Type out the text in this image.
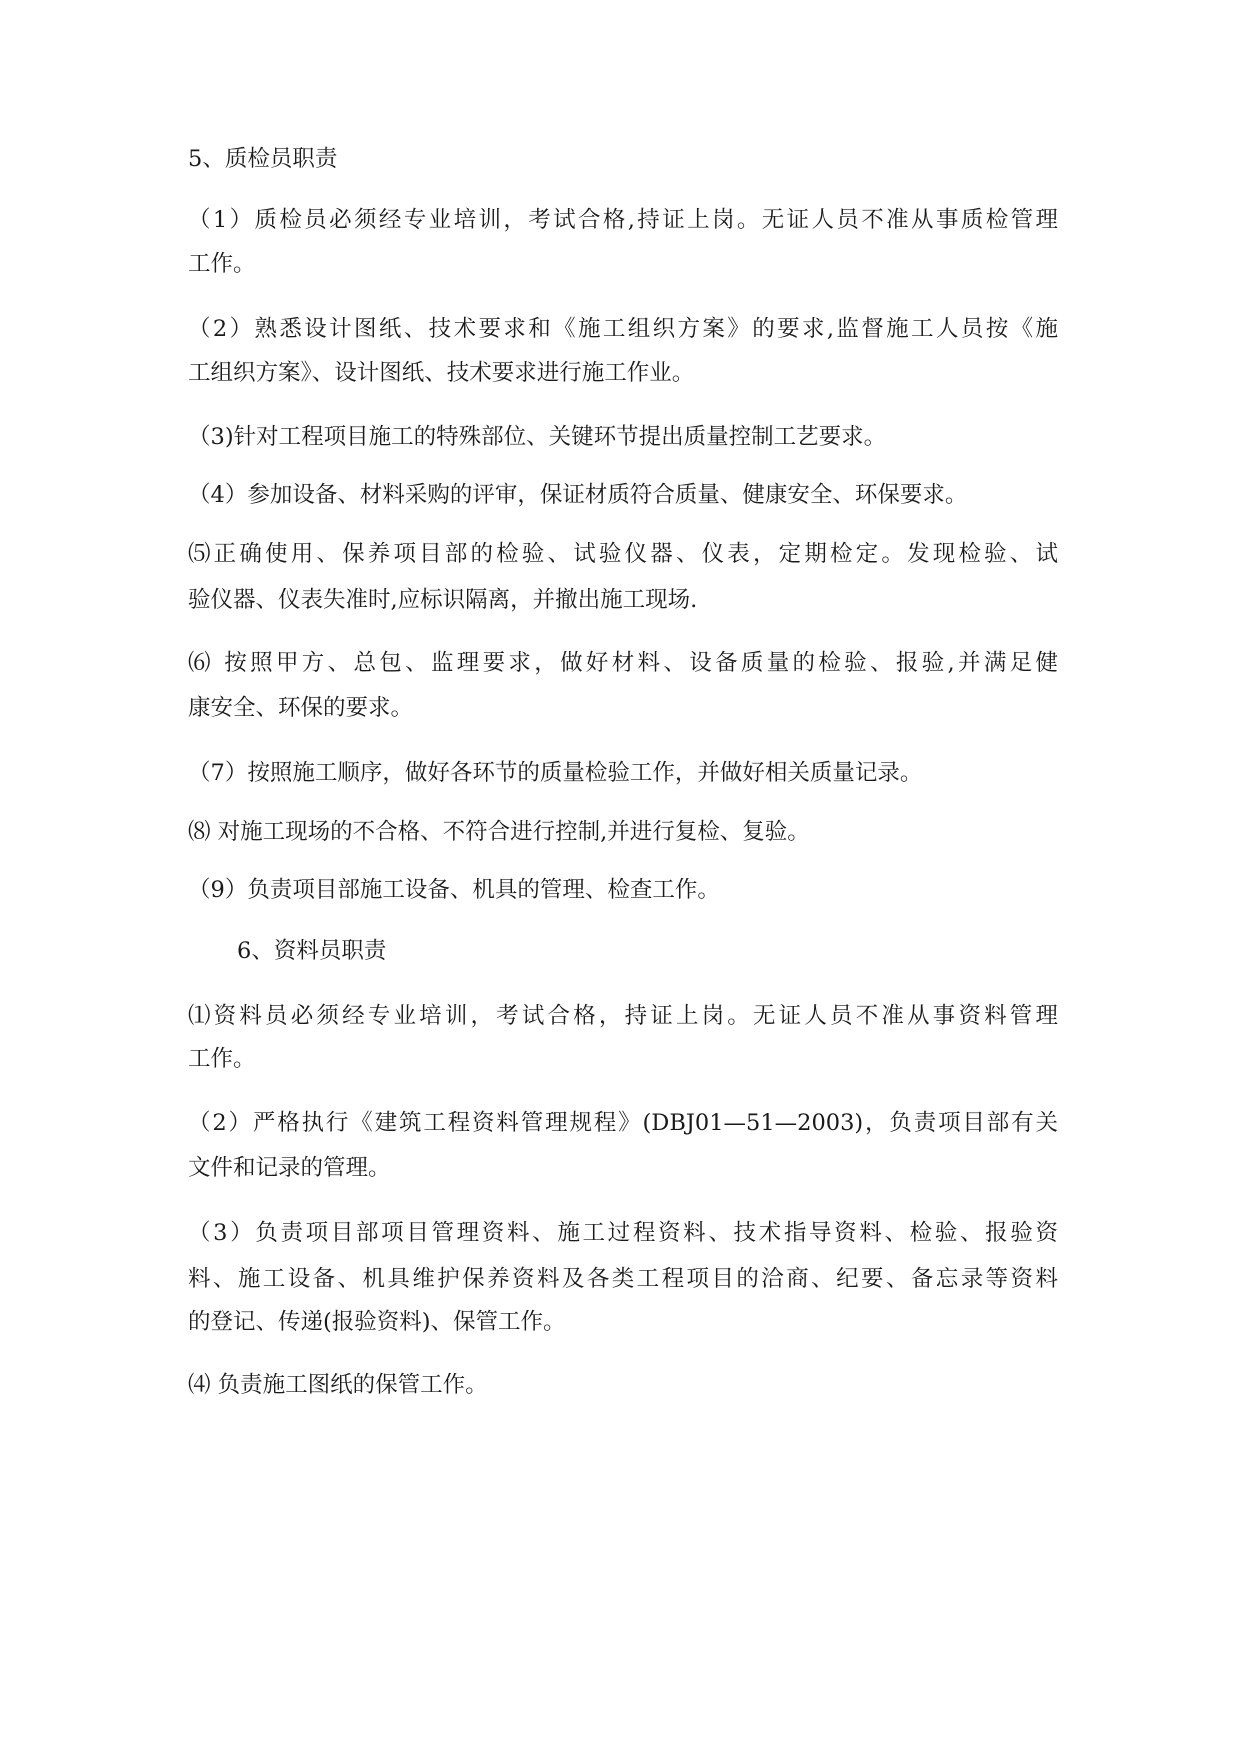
5、质检员职责

（1）质检员必须经专业培训，考试合格,持证上岗。无证人员不准从事质检管理

工作。

（2）熟悉设计图纸、技术要求和《施工组织方案》的要求,监督施工人员按《施

工组织方案》、设计图纸、技术要求进行施工作业。

（3)针对工程项目施工的特殊部位、关键环节提出质量控制工艺要求。

（4）参加设备、材料采购的评审，保证材质符合质量、健康安全、环保要求。

⑸正确使用、保养项目部的检验、试验仪器、仪表，定期检定。发现检验、试

验仪器、仪表失准时,应标识隔离，并撤出施工现场.

⑹ 按照甲方、总包、监理要求，做好材料、设备质量的检验、报验,并满足健

康安全、环保的要求。

（7）按照施工顺序，做好各环节的质量检验工作，并做好相关质量记录。

⑻ 对施工现场的不合格、不符合进行控制,并进行复检、复验。

（9）负责项目部施工设备、机具的管理、检查工作。

6、资料员职责

⑴资料员必须经专业培训，考试合格，持证上岗。无证人员不准从事资料管理

工作。

（2）严格执行《建筑工程资料管理规程》(DBJ01—51—2003)，负责项目部有关

文件和记录的管理。

（3）负责项目部项目管理资料、施工过程资料、技术指导资料、检验、报验资

料、施工设备、机具维护保养资料及各类工程项目的洽商、纪要、备忘录等资料

的登记、传递(报验资料)、保管工作。

⑷ 负责施工图纸的保管工作。
